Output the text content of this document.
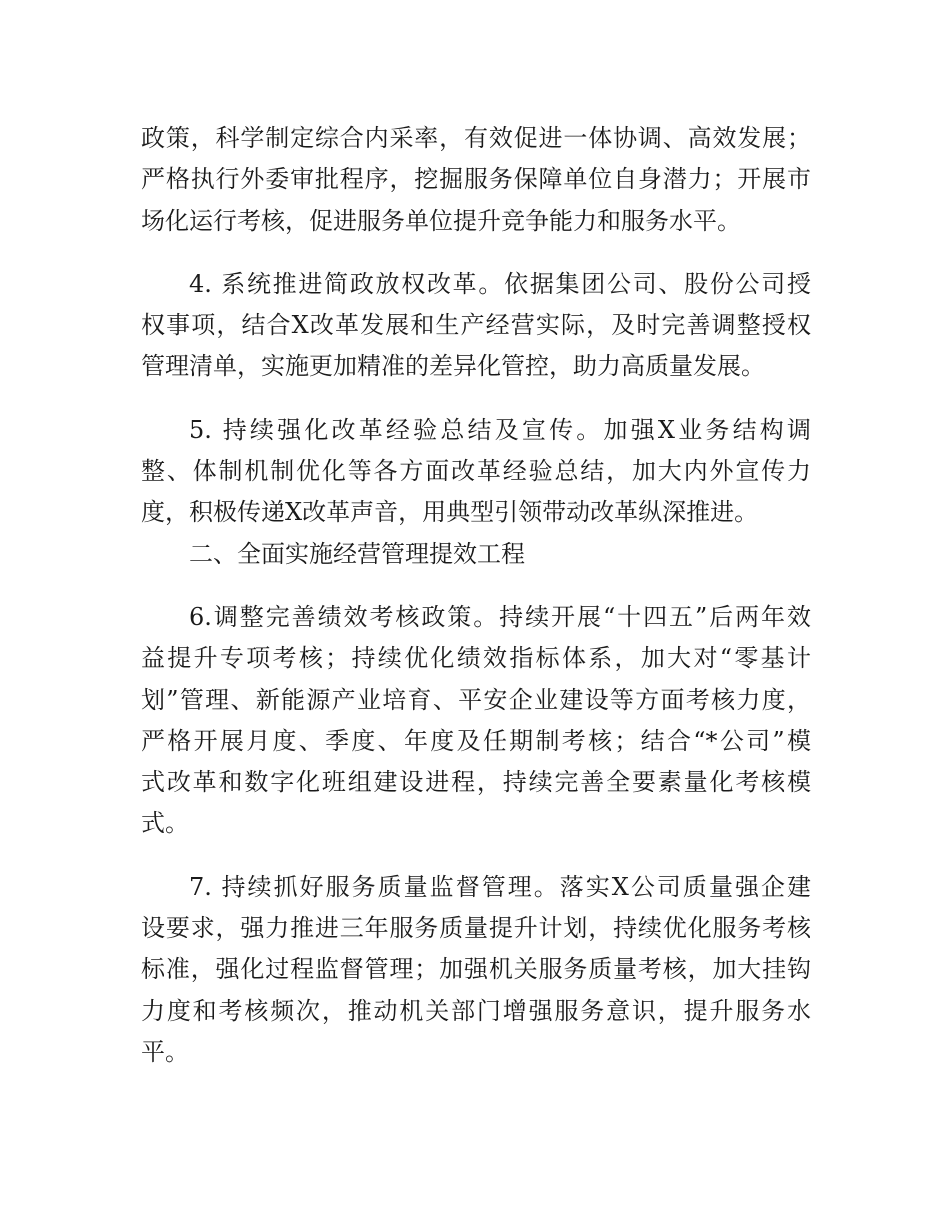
政策，科学制定综合内采率，有效促进一体协调、高效发展；
严格执行外委审批程序，挖掘服务保障单位自身潜力；开展市
场化运行考核，促进服务单位提升竞争能力和服务水平。

4. 系统推进简政放权改革。依据集团公司、股份公司授
权事项，结合X改革发展和生产经营实际，及时完善调整授权
管理清单，实施更加精准的差异化管控，助力高质量发展。

5. 持续强化改革经验总结及宣传。加强X业务结构调
整、体制机制优化等各方面改革经验总结，加大内外宣传力
度，积极传递X改革声音，用典型引领带动改革纵深推进。

二、全面实施经营管理提效工程

6.调整完善绩效考核政策。持续开展“十四五”后两年效
益提升专项考核；持续优化绩效指标体系，加大对“零基计
划”管理、新能源产业培育、平安企业建设等方面考核力度，
严格开展月度、季度、年度及任期制考核；结合“*公司”模
式改革和数字化班组建设进程，持续完善全要素量化考核模
式。

7. 持续抓好服务质量监督管理。落实X公司质量强企建
设要求，强力推进三年服务质量提升计划，持续优化服务考核
标准，强化过程监督管理；加强机关服务质量考核，加大挂钩
力度和考核频次，推动机关部门增强服务意识，提升服务水
平。
